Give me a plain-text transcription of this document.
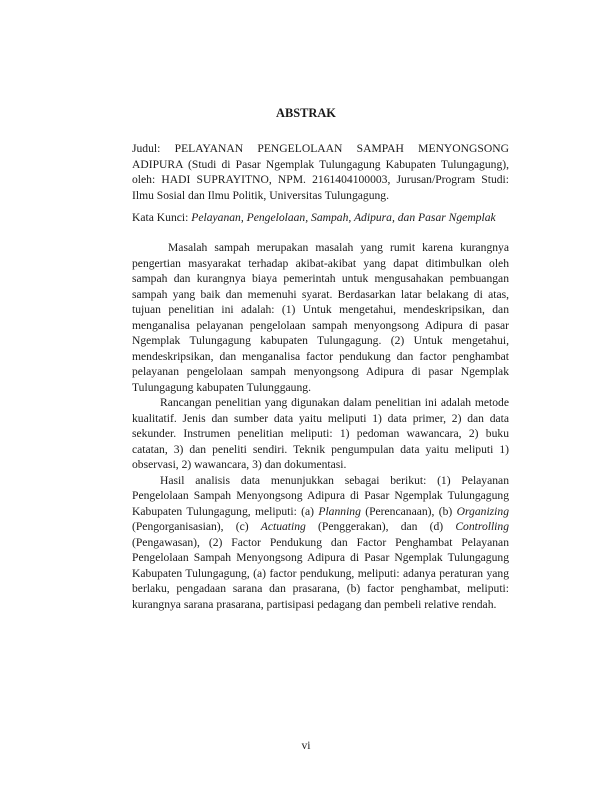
ABSTRAK
Judul: PELAYANAN PENGELOLAAN SAMPAH MENYONGSONG ADIPURA (Studi di Pasar Ngemplak Tulungagung Kabupaten Tulungagung), oleh: HADI SUPRAYITNO, NPM. 2161404100003, Jurusan/Program Studi: Ilmu Sosial dan Ilmu Politik, Universitas Tulungagung.
Kata Kunci: Pelayanan, Pengelolaan, Sampah, Adipura, dan Pasar Ngemplak

Masalah sampah merupakan masalah yang rumit karena kurangnya pengertian masyarakat terhadap akibat-akibat yang dapat ditimbulkan oleh sampah dan kurangnya biaya pemerintah untuk mengusahakan pembuangan sampah yang baik dan memenuhi syarat. Berdasarkan latar belakang di atas, tujuan penelitian ini adalah: (1) Untuk mengetahui, mendeskripsikan, dan menganalisa pelayanan pengelolaan sampah menyongsong Adipura di pasar Ngemplak Tulungagung kabupaten Tulungagung. (2) Untuk mengetahui, mendeskripsikan, dan menganalisa factor pendukung dan factor penghambat pelayanan pengelolaan sampah menyongsong Adipura di pasar Ngemplak Tulungagung kabupaten Tulunggaung.

Rancangan penelitian yang digunakan dalam penelitian ini adalah metode kualitatif. Jenis dan sumber data yaitu meliputi 1) data primer, 2) dan data sekunder. Instrumen penelitian meliputi: 1) pedoman wawancara, 2) buku catatan, 3) dan peneliti sendiri. Teknik pengumpulan data yaitu meliputi 1) observasi, 2) wawancara, 3) dan dokumentasi.

Hasil analisis data menunjukkan sebagai berikut: (1) Pelayanan Pengelolaan Sampah Menyongsong Adipura di Pasar Ngemplak Tulungagung Kabupaten Tulungagung, meliputi: (a) Planning (Perencanaan), (b) Organizing (Pengorganisasian), (c) Actuating (Penggerakan), dan (d) Controlling (Pengawasan), (2) Factor Pendukung dan Factor Penghambat Pelayanan Pengelolaan Sampah Menyongsong Adipura di Pasar Ngemplak Tulungagung Kabupaten Tulungagung, (a) factor pendukung, meliputi: adanya peraturan yang berlaku, pengadaan sarana dan prasarana, (b) factor penghambat, meliputi: kurangnya sarana prasarana, partisipasi pedagang dan pembeli relative rendah.

vi
